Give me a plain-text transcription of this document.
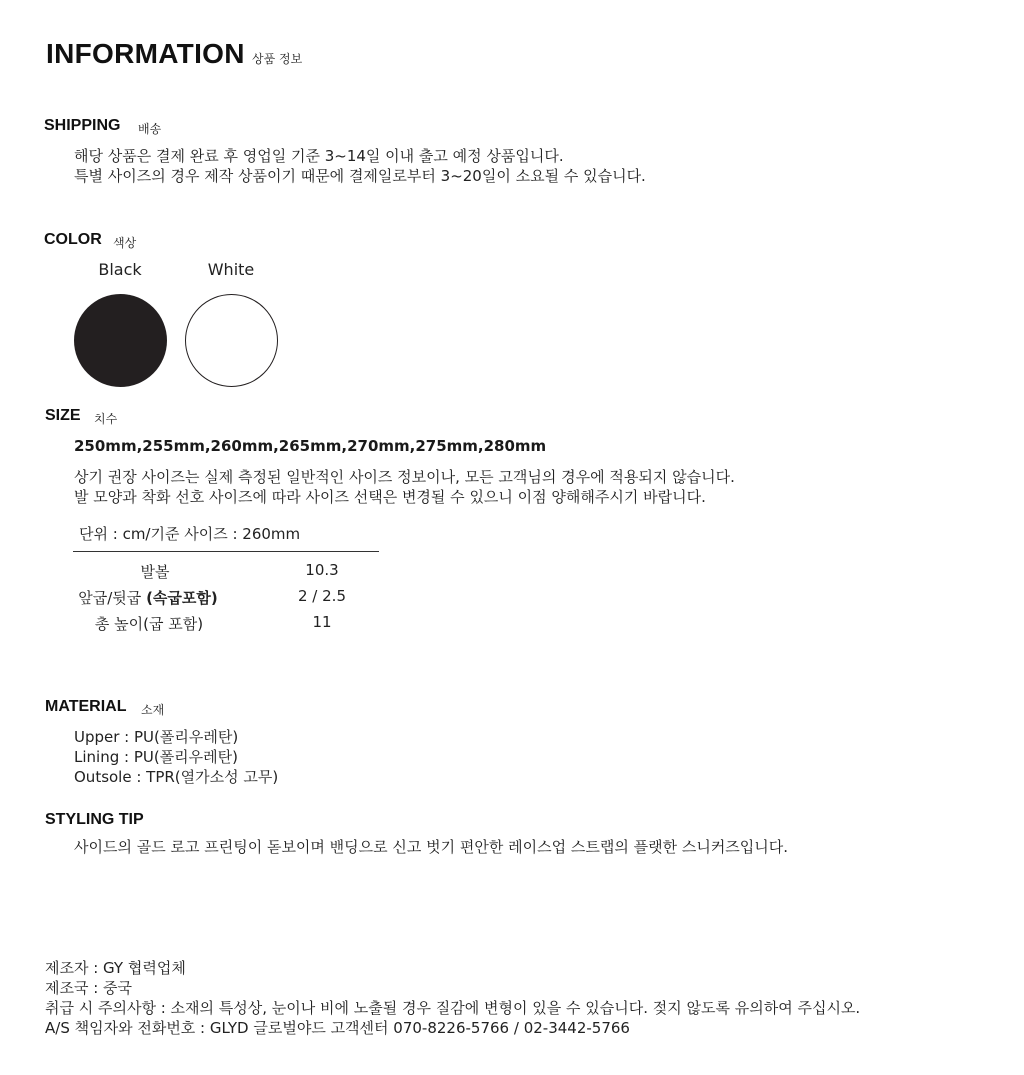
INFORMATION 상품 정보
SHIPPING 배송
해당 상품은 결제 완료 후 영업일 기준 3~14일 이내 출고 예정 상품입니다.
특별 사이즈의 경우 제작 상품이기 때문에 결제일로부터 3~20일이 소요될 수 있습니다.
COLOR 색상
Black	White
SIZE 치수
250mm,255mm,260mm,265mm,270mm,275mm,280mm
상기 권장 사이즈는 실제 측정된 일반적인 사이즈 정보이나, 모든 고객님의 경우에 적용되지 않습니다.
발 모양과 착화 선호 사이즈에 따라 사이즈 선택은 변경될 수 있으니 이점 양해해주시기 바랍니다.
단위 : cm/기준 사이즈 : 260mm
발볼	10.3
앞굽/뒷굽 (속굽포함)	2 / 2.5
총 높이(굽 포함)	11
MATERIAL 소재
Upper : PU(폴리우레탄)
Lining : PU(폴리우레탄)
Outsole : TPR(열가소성 고무)
STYLING TIP
사이드의 골드 로고 프린팅이 돋보이며 밴딩으로 신고 벗기 편안한 레이스업 스트랩의 플랫한 스니커즈입니다.
제조자 : GY 협력업체
제조국 : 중국
취급 시 주의사항 : 소재의 특성상, 눈이나 비에 노출될 경우 질감에 변형이 있을 수 있습니다. 젖지 않도록 유의하여 주십시오.
A/S 책임자와 전화번호 : GLYD 글로벌야드 고객센터 070-8226-5766 / 02-3442-5766
